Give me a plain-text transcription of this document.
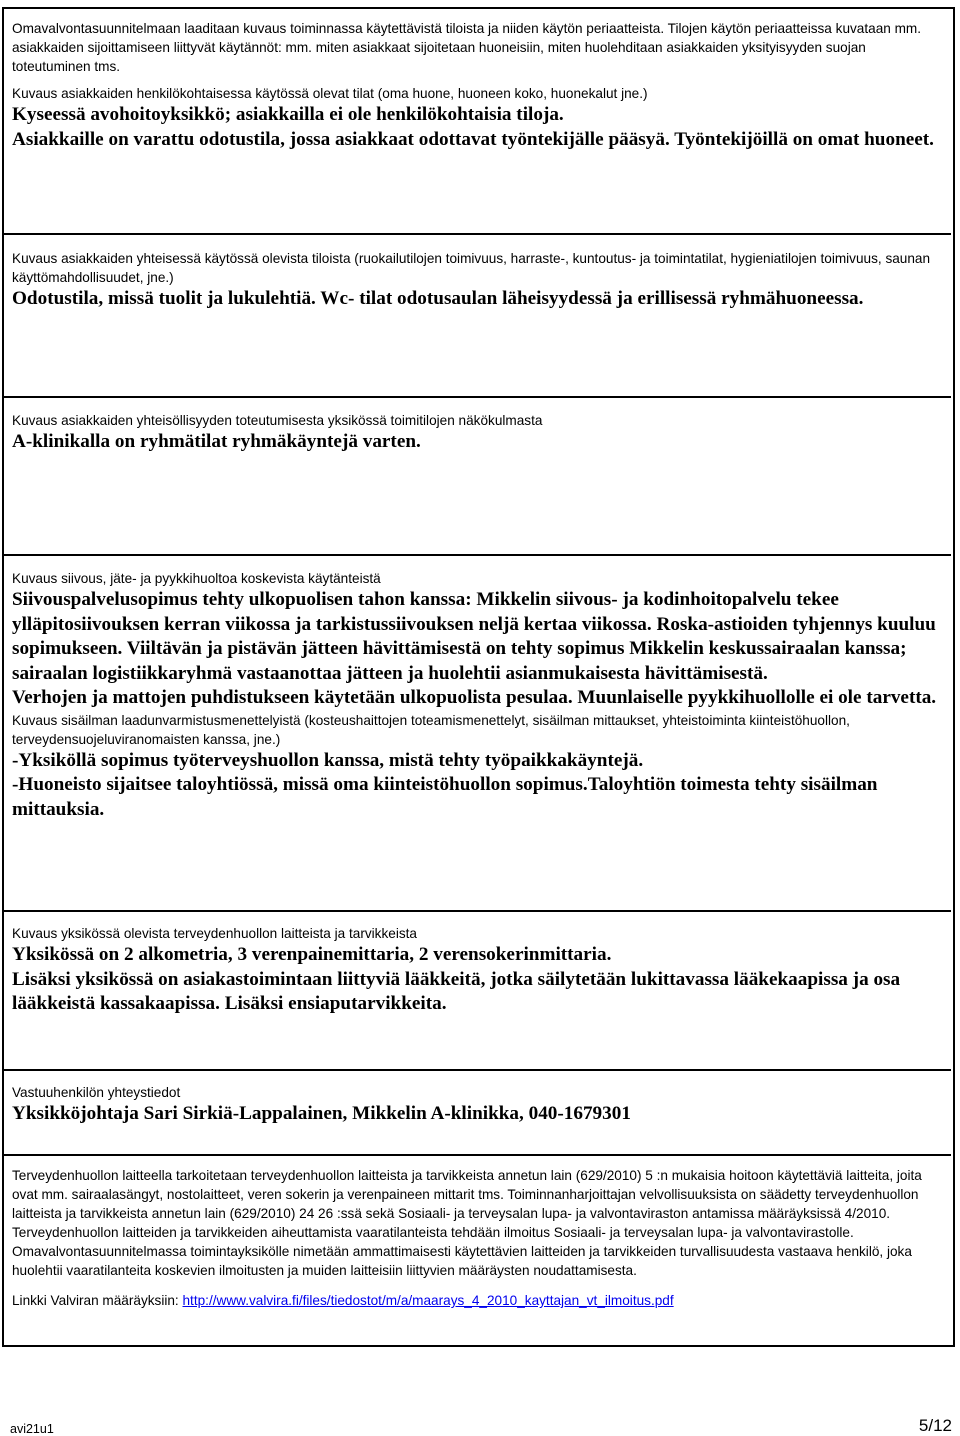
Omavalvontasuunnitelmaan laaditaan kuvaus toiminnassa käytettävistä tiloista ja niiden käytön periaatteista. Tilojen käytön periaatteissa kuvataan mm. asiakkaiden sijoittamiseen liittyvät käytännöt: mm. miten asiakkaat sijoitetaan huoneisiin, miten huolehditaan asiakkaiden yksityisyyden suojan toteutuminen tms.

Kuvaus asiakkaiden henkilökohtaisessa käytössä olevat tilat (oma huone, huoneen koko, huonekalut jne.)

Kyseessä avohoitoyksikkö; asiakkailla ei ole henkilökohtaisia tiloja.

Asiakkaille on varattu odotustila, jossa asiakkaat odottavat työntekijälle pääsyä. Työntekijöillä on omat huoneet.

Kuvaus asiakkaiden yhteisessä käytössä olevista tiloista (ruokailutilojen toimivuus, harraste-, kuntoutus- ja toimintatilat, hygieniatilojen toimivuus, saunan käyttömahdollisuudet, jne.)

Odotustila, missä tuolit ja lukulehtiä. Wc- tilat odotusaulan läheisyydessä ja erillisessä ryhmähuoneessa.

Kuvaus asiakkaiden yhteisöllisyyden toteutumisesta yksikössä toimitilojen näkökulmasta

A-klinikalla on ryhmätilat ryhmäkäyntejä varten.

Kuvaus siivous, jäte- ja pyykkihuoltoa koskevista käytänteistä

Siivouspalvelusopimus tehty ulkopuolisen tahon kanssa: Mikkelin siivous- ja kodinhoitopalvelu tekee ylläpitosiivouksen kerran viikossa ja tarkistussiivouksen neljä kertaa viikossa. Roska-astioiden tyhjennys kuuluu sopimukseen. Viiltävän ja pistävän jätteen hävittämisestä on tehty sopimus Mikkelin keskussairaalan kanssa; sairaalan logistiikkaryhmä vastaanottaa jätteen ja huolehtii asianmukaisesta hävittämisestä.

Verhojen ja mattojen puhdistukseen käytetään ulkopuolista pesulaa. Muunlaiselle pyykkihuollolle ei ole tarvetta.

Kuvaus sisäilman laadunvarmistusmenettelyistä (kosteushaittojen toteamismenettelyt, sisäilman mittaukset, yhteistoiminta kiinteistöhuollon, terveydensuojeluviranomaisten kanssa, jne.)

-Yksiköllä sopimus työterveyshuollon kanssa, mistä tehty työpaikkakäyntejä.

-Huoneisto sijaitsee taloyhtiössä, missä oma kiinteistöhuollon sopimus.Taloyhtiön toimesta tehty sisäilman mittauksia.

Kuvaus yksikössä olevista terveydenhuollon laitteista ja tarvikkeista

Yksikössä on 2 alkometria, 3 verenpainemittaria, 2 verensokerinmittaria.

Lisäksi yksikössä on asiakastoimintaan liittyviä lääkkeitä, jotka säilytetään lukittavassa lääkekaapissa ja osa lääkkeistä kassakaapissa. Lisäksi ensiaputarvikkeita.

Vastuuhenkilön yhteystiedot

Yksikköjohtaja Sari Sirkiä-Lappalainen, Mikkelin A-klinikka, 040-1679301

Terveydenhuollon laitteella tarkoitetaan terveydenhuollon laitteista ja tarvikkeista annetun lain (629/2010) 5 :n mukaisia hoitoon käytettäviä laitteita, joita ovat mm. sairaalasängyt, nostolaitteet, veren sokerin ja verenpaineen mittarit tms. Toiminnanharjoittajan velvollisuuksista on säädetty terveydenhuollon laitteista ja tarvikkeista annetun lain (629/2010) 24 26 :ssä sekä Sosiaali- ja terveysalan lupa- ja valvontaviraston antamissa määräyksissä 4/2010. Terveydenhuollon laitteiden ja tarvikkeiden aiheuttamista vaaratilanteista tehdään ilmoitus Sosiaali- ja terveysalan lupa- ja valvontavirastolle. Omavalvontasuunnitelmassa toimintayksikölle nimetään ammattimaisesti käytettävien laitteiden ja tarvikkeiden turvallisuudesta vastaava henkilö, joka huolehtii vaaratilanteita koskevien ilmoitusten ja muiden laitteisiin liittyvien määräysten noudattamisesta.

Linkki Valviran määräyksiin: http://www.valvira.fi/files/tiedostot/m/a/maarays_4_2010_kayttajan_vt_ilmoitus.pdf

avi21u1	5/12
